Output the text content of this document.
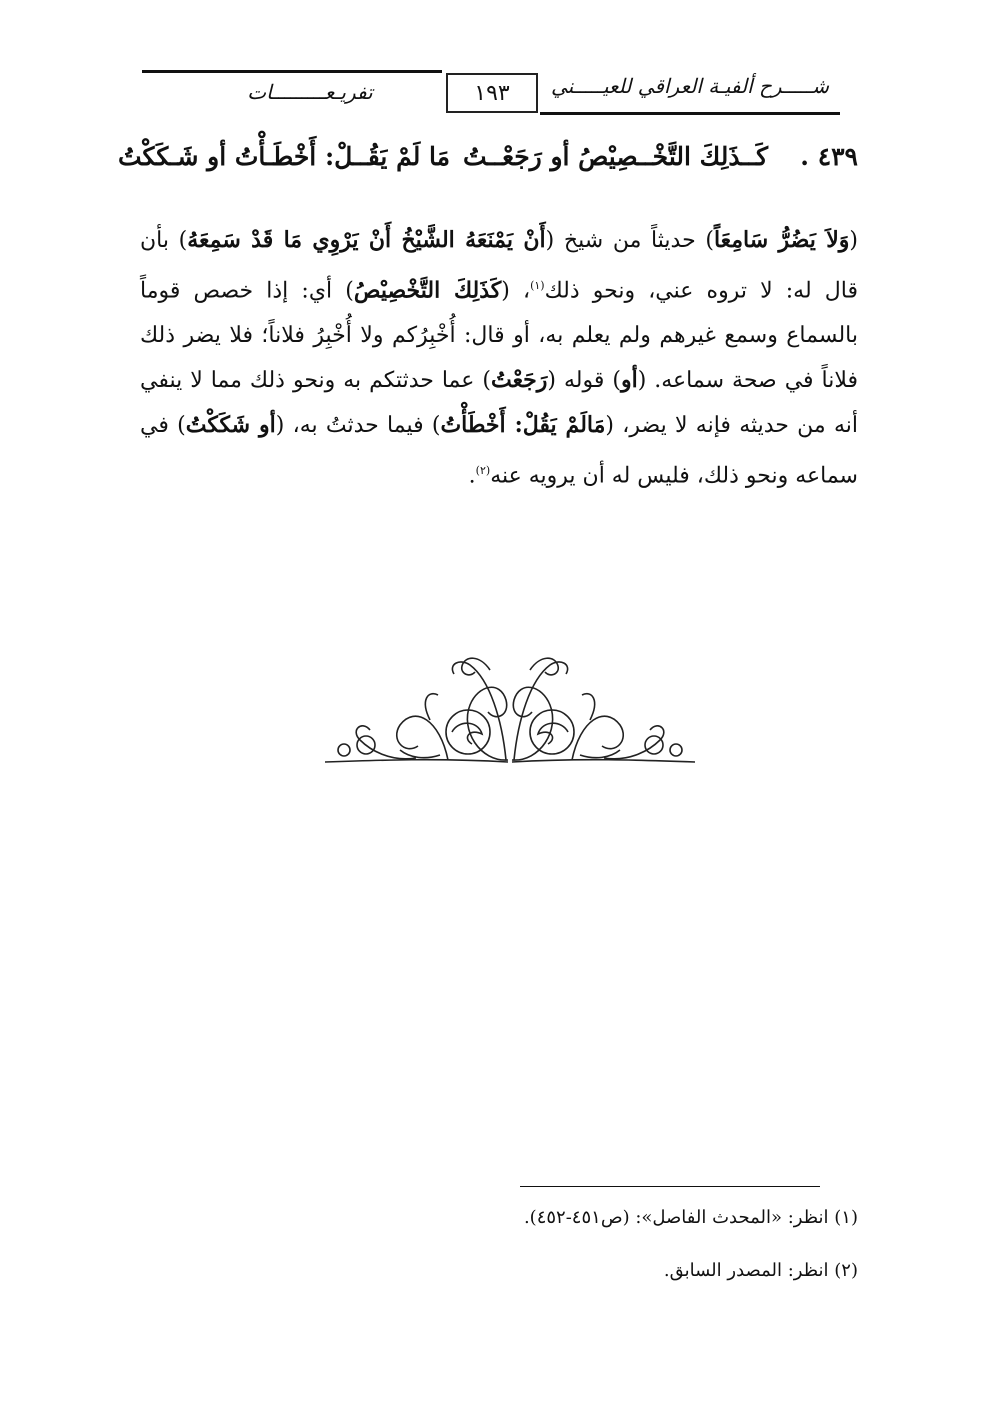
تفريـعـــــــــات	١٩٣	شـــــرح ألفيـة العراقي للعيـــــني
٤٣٩ .
كَــذَلِكَ التَّخْــصِيْصُ أو رَجَعْــتُ
مَا لَمْ يَقُــلْ: أَخْطَـأْتُ أو شَـكَكْتُ
(وَلاَ يَضُرُّ سَامِعَاً) حديثاً من شيخ (أَنْ يَمْنَعَهُ الشَّيْخُ أَنْ يَرْوِي مَا قَدْ سَمِعَهُ) بأن قال له: لا تروه عني، ونحو ذلك$^{(١)}$، (كَذَلِكَ التَّخْصِيْصُ) أي: إذا خصص قوماً بالسماع وسمع غيرهم ولم يعلم به، أو قال: أُخْبِرُكم ولا أُخْبِرُ فلاناً؛ فلا يضر ذلك فلاناً في صحة سماعه. (أو) قوله (رَجَعْتُ) عما حدثتكم به ونحو ذلك مما لا ينفي أنه من حديثه فإنه لا يضر، (مَالَمْ يَقُلْ: أَخْطَأْتُ) فيما حدثتُ به، (أو شَكَكْتُ) في سماعه ونحو ذلك، فليس له أن يرويه عنه$^{(٢)}$.
(١) انظر: «المحدث الفاصل»: (ص٤٥١-٤٥٢).
(٢) انظر: المصدر السابق.
